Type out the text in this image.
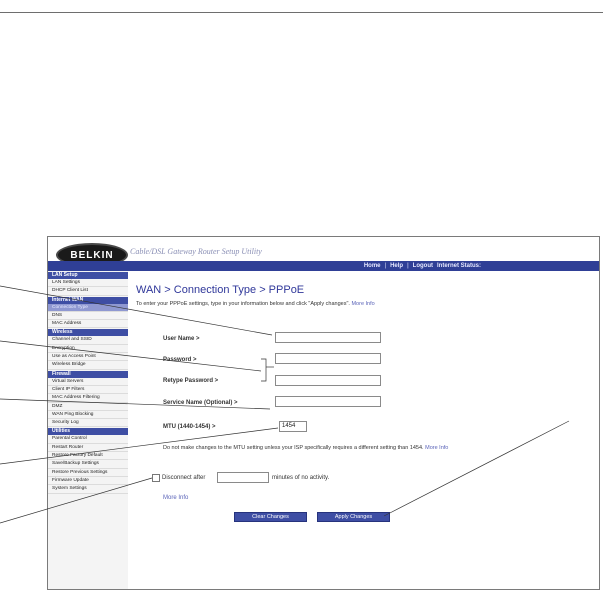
BELKIN	Cable/DSL Gateway Router Setup Utility
Home | Help | Logout Internet Status:
LAN Setup
LAN Settings
DHCP Client List
Internet WAN
Connection Type
DNS
MAC Address
Wireless
Channel and SSID
Encryption
Use as Access Point
Wireless Bridge
Firewall
Virtual Servers
Client IP Filters
MAC Address Filtering
DMZ
WAN Ping Blocking
Security Log
Utilities
Parental Control
Restart Router
Restore Factory Default
Save/Backup Settings
Restore Previous Settings
Firmware Update
System Settings
WAN > Connection Type > PPPoE
To enter your PPPoE settings, type in your information below and click "Apply changes". More Info
User Name >
Password >
Retype Password >
Service Name (Optional) >
MTU (1440-1454) >	1454
Do not make changes to the MTU setting unless your ISP specifically requires a different setting than 1454. More Info
Disconnect after	minutes of no activity.
More Info
Clear Changes	Apply Changes
